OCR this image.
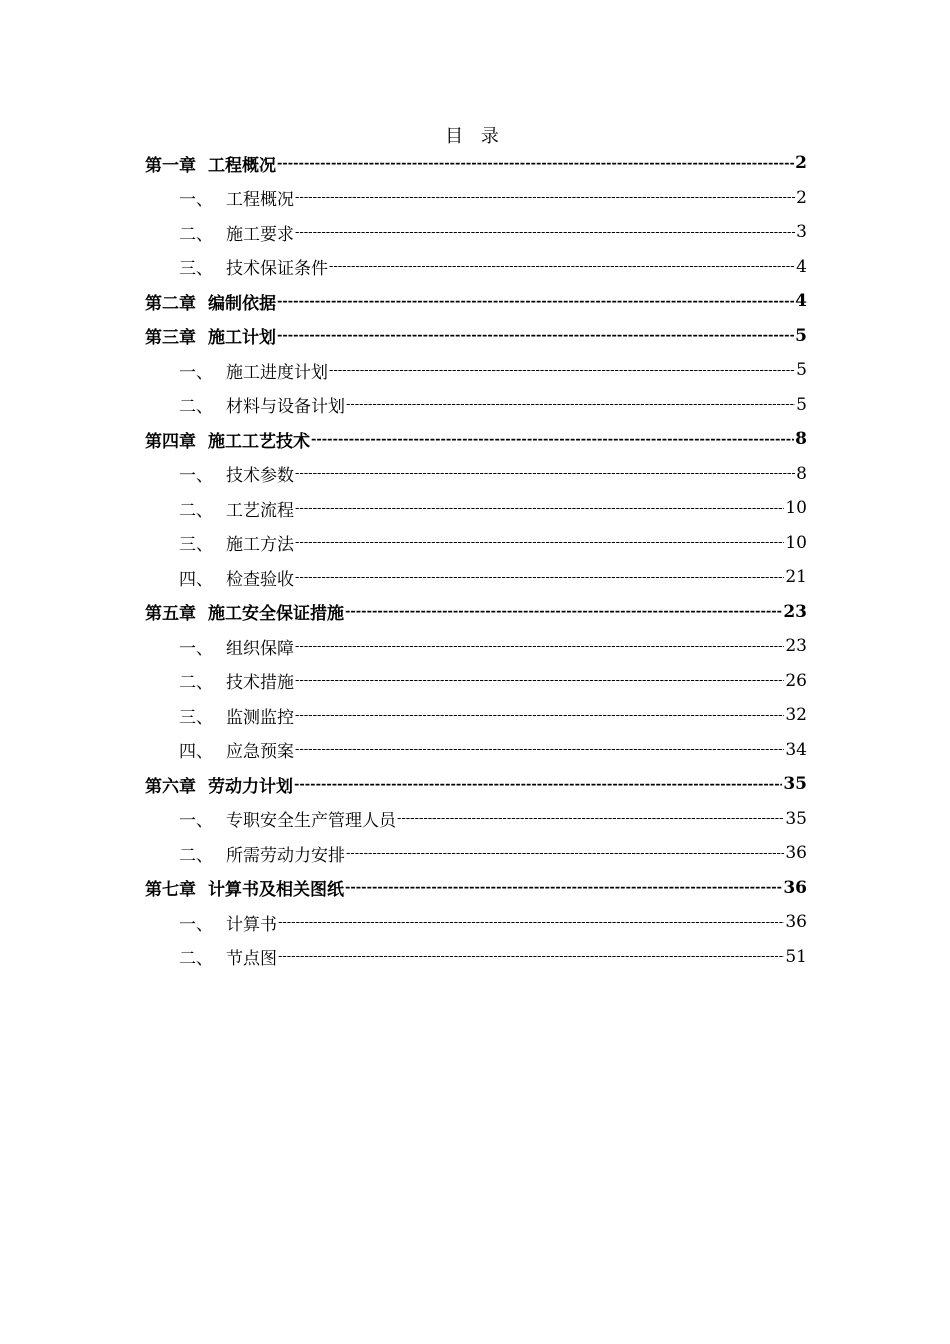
目 录
第一章 工程概况 -----	2
一、 工程概况 -----	2
二、 施工要求 -----	3
三、 技术保证条件 -----	4
第二章 编制依据 -----	4
第三章 施工计划 -----	5
一、 施工进度计划 -----	5
二、 材料与设备计划 -----	5
第四章 施工工艺技术 -----	8
一、 技术参数 -----	8
二、 工艺流程 -----	10
三、 施工方法 -----	10
四、 检查验收 -----	21
第五章 施工安全保证措施 -----	23
一、 组织保障 -----	23
二、 技术措施 -----	26
三、 监测监控 -----	32
四、 应急预案 -----	34
第六章 劳动力计划 -----	35
一、 专职安全生产管理人员 -----	35
二、 所需劳动力安排 -----	36
第七章 计算书及相关图纸 -----	36
一、 计算书 -----	36
二、 节点图 -----	51
